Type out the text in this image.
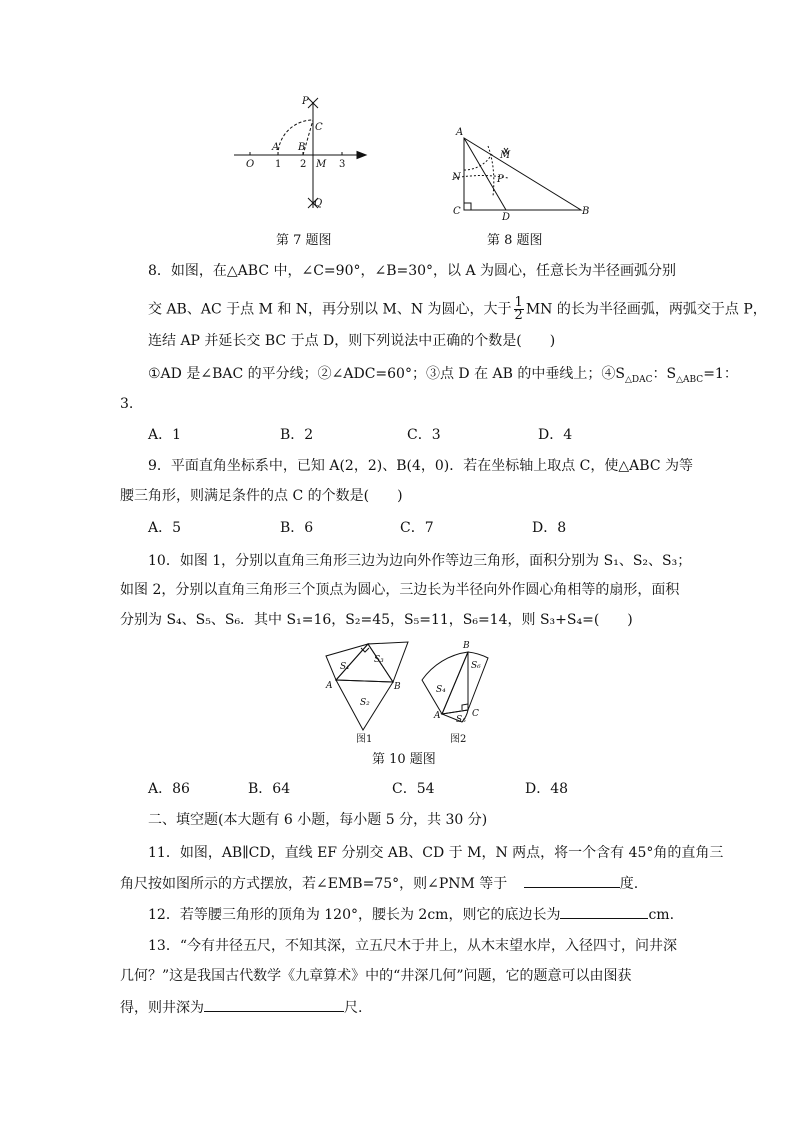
P
C
A B
O	M
Q
1 2	3
第 7 题图
A
M
N	P
C
D
B
第 8 题图
8．如图，在△ABC 中，∠C=90°，∠B=30°，以 A 为圆心，任意长为半径画弧分别
交 AB、AC 于点 M 和 N，再分别以 M、N 为圆心，大于 $\frac{1}{2}$ MN 的长为半径画弧，两弧交于点 P，
连结 AP 并延长交 BC 于点 D，则下列说法中正确的个数是(　　)
①AD 是∠BAC 的平分线；②∠ADC=60°；③点 D 在 AB 的中垂线上；$④S_{\triangle DAC}$：$S_{\triangle ABC}=1$：
3.
A．1	B．2	C．3	D．4
9．平面直角坐标系中，已知 A(2，2)、B(4，0)．若在坐标轴上取点 C，使△ABC 为等
腰三角形，则满足条件的点 C 的个数是(　　)
A．5	B．6	C．7	D．8
10．如图 1，分别以直角三角形三边为边向外作等边三角形，面积分别为 S₁、S₂、S₃；
如图 2，分别以直角三角形三个顶点为圆心，三边长为半径向外作圆心角相等的扇形，面积
分别为 S₄、S₅、S₆．其中 S₁=16，S₂=45，S₅=11，S₆=14，则 S₃+S₄=(　　)
A	B
S₁
S₂
S₃
图1
B
A	C
S₄
S₅
S₆
图2
第 10 题图
A．86	B．64	C．54	D．48
二、填空题(本大题有 6 小题，每小题 5 分，共 30 分)
11．如图，AB∥CD，直线 EF 分别交 AB、CD 于 M，N 两点，将一个含有 45°角的直角三
角尺按如图所示的方式摆放，若∠EMB=75°，则∠PNM 等于	度.
12．若等腰三角形的顶角为 120°，腰长为 2cm，则它的底边长为	cm.
13．“今有井径五尺，不知其深，立五尺木于井上，从木末望水岸，入径四寸，问井深
几何？”这是我国古代数学《九章算术》中的“井深几何”问题，它的题意可以由图获
得，则井深为	尺.
